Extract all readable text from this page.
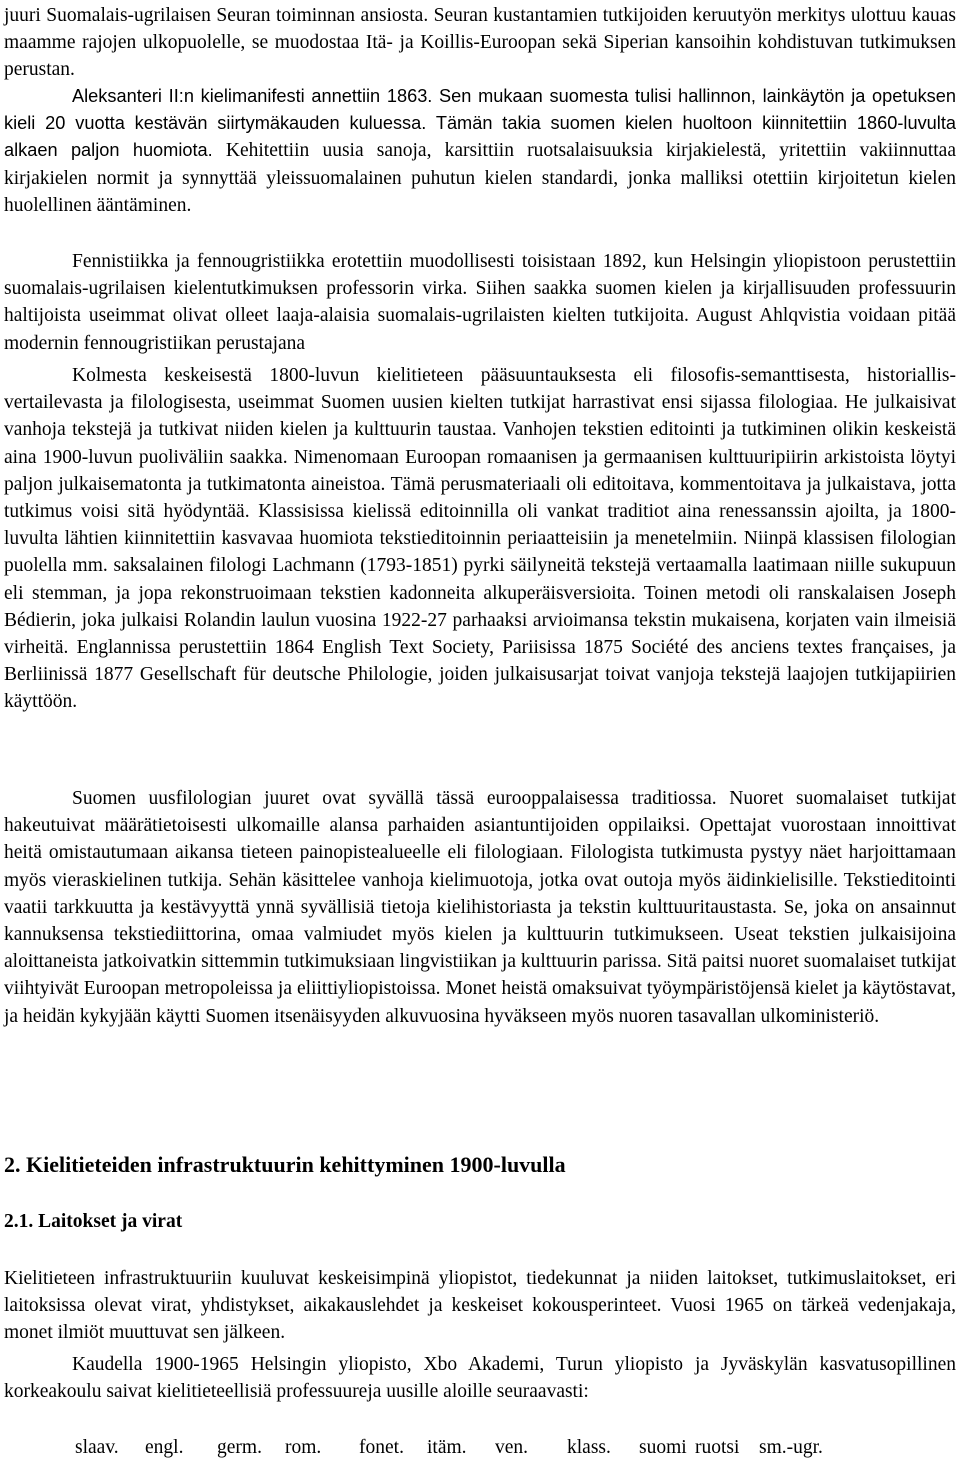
juuri Suomalais-ugrilaisen Seuran toiminnan ansiosta. Seuran kustantamien tutkijoiden keruutyön merkitys ulottuu kauas maamme rajojen ulkopuolelle, se muodostaa Itä- ja Koillis-Euroopan sekä Siperian kansoihin kohdistuvan tutkimuksen perustan.

Aleksanteri II:n kielimanifesti annettiin 1863. Sen mukaan suomesta tulisi hallinnon, lainkäytön ja opetuksen kieli 20 vuotta kestävän siirtymäkauden kuluessa. Tämän takia suomen kielen huoltoon kiinnitettiin 1860-luvulta alkaen paljon huomiota. Kehitettiin uusia sanoja, karsittiin ruotsalaisuuksia kirjakielestä, yritettiin vakiinnuttaa kirjakielen normit ja synnyttää yleissuomalainen puhutun kielen standardi, jonka malliksi otettiin kirjoitetun kielen huolellinen ääntäminen.

Fennistiikka ja fennougristiikka erotettiin muodollisesti toisistaan 1892, kun Helsingin yliopistoon perustettiin suomalais-ugrilaisen kielentutkimuksen professorin virka. Siihen saakka suomen kielen ja kirjallisuuden professuurin haltijoista useimmat olivat olleet laaja-alaisia suomalais-ugrilaisten kielten tutkijoita. August Ahlqvistia voidaan pitää modernin fennougristiikan perustajana

Kolmesta keskeisestä 1800-luvun kielitieteen pääsuuntauksesta eli filosofis-semanttisesta, historiallis-vertailevasta ja filologisesta, useimmat Suomen uusien kielten tutkijat harrastivat ensi sijassa filologiaa. He julkaisivat vanhoja tekstejä ja tutkivat niiden kielen ja kulttuurin taustaa. Vanhojen tekstien editointi ja tutkiminen olikin keskeistä aina 1900-luvun puoliväliin saakka. Nimenomaan Euroopan romaanisen ja germaanisen kulttuuripiirin arkistoista löytyi paljon julkaisematonta ja tutkimatonta aineistoa. Tämä perusmateriaali oli editoitava, kommentoitava ja julkaistava, jotta tutkimus voisi sitä hyödyntää. Klassisissa kielissä editoinnilla oli vankat traditiot aina renessanssin ajoilta, ja 1800-luvulta lähtien kiinnitettiin kasvavaa huomiota tekstieditoinnin periaatteisiin ja menetelmiin. Niinpä klassisen filologian puolella mm. saksalainen filologi Lachmann (1793-1851) pyrki säilyneitä tekstejä vertaamalla laatimaan niille sukupuun eli stemman, ja jopa rekonstruoimaan tekstien kadonneita alkuperäisversioita. Toinen metodi oli ranskalaisen Joseph Bédierin, joka julkaisi Rolandin laulun vuosina 1922-27 parhaaksi arvioimansa tekstin mukaisena, korjaten vain ilmeisiä virheitä. Englannissa perustettiin 1864 English Text Society, Pariisissa 1875 Société des anciens textes françaises, ja Berliinissä 1877 Gesellschaft für deutsche Philologie, joiden julkaisusarjat toivat vanjoja tekstejä laajojen tutkijapiirien käyttöön.

Suomen uusfilologian juuret ovat syvällä tässä eurooppalaisessa traditiossa. Nuoret suomalaiset tutkijat hakeutuivat määrätietoisesti ulkomaille alansa parhaiden asiantuntijoiden oppilaiksi. Opettajat vuorostaan innoittivat heitä omistautumaan aikansa tieteen painopistealueelle eli filologiaan. Filologista tutkimusta pystyy näet harjoittamaan myös vieraskielinen tutkija. Sehän käsittelee vanhoja kielimuotoja, jotka ovat outoja myös äidinkielisille. Tekstieditointi vaatii tarkkuutta ja kestävyyttä ynnä syvällisiä tietoja kielihistoriasta ja tekstin kulttuuritaustasta. Se, joka on ansainnut kannuksensa tekstiediittorina, omaa valmiudet myös kielen ja kulttuurin tutkimukseen. Useat tekstien julkaisijoina aloittaneista jatkoivatkin sittemmin tutkimuksiaan lingvistiikan ja kulttuurin parissa. Sitä paitsi nuoret suomalaiset tutkijat viihtyivät Euroopan metropoleissa ja eliittiyliopistoissa. Monet heistä omaksuivat työympäristöjensä kielet ja käytöstavat, ja heidän kykyjään käytti Suomen itsenäisyyden alkuvuosina hyväkseen myös nuoren tasavallan ulkoministeriö.

2. Kielitieteiden infrastruktuurin kehittyminen 1900-luvulla
2.1. Laitokset ja virat

Kielitieteen infrastruktuuriin kuuluvat keskeisimpinä yliopistot, tiedekunnat ja niiden laitokset, tutkimuslaitokset, eri laitoksissa olevat virat, yhdistykset, aikakauslehdet ja keskeiset kokousperinteet. Vuosi 1965 on tärkeä vedenjakaja, monet ilmiöt muuttuvat sen jälkeen.

Kaudella 1900-1965 Helsingin yliopisto, Xbo Akademi, Turun yliopisto ja Jyväskylän kasvatusopillinen korkeakoulu saivat kielitieteellisiä professuureja uusille aloille seuraavasti:

slaav. engl. germ. rom. fonet. itäm. ven. klass. suomi ruotsi sm.-ugr.
